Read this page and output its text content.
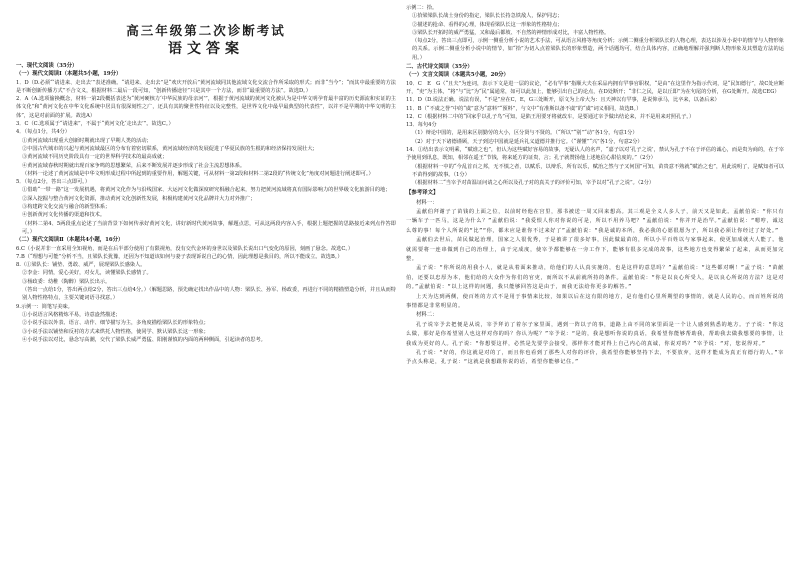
高三年级第二次诊断考试
语文答案

一、现代文阅读（35分）

（一）现代文阅读Ⅰ（本题共5小题，19分）

1．D（D.必须“‘请进来、走出去’”表述准确。“请进来、走出去”是“欢庆开放后”黄河流域同其他流域文化交流合作所采取的形式；而非“当今”；“而其中最重要的方法是不断创新传播方式”不合文义，根据材料二最后一段可知，“创新传播途径”只是其中一个方法，而非“最重要的方法”。故选D。）

2．A（A.选项偷换概念，材料一第2段概括表述为“黄河硬核力‘中华民族的母亲河’”，根据于黄河流域的黄河文化被认为是中华文明孕育最丰富的历史源流和实证的主体文化”和“黄河文化在中华文化系统中居具有很深刻性之广，还具有其的聚世性特征以及完整性，是世界文化中最早最典型的代表性”，以并不是早期的中华文明的主体”，这是对前面的扩展。故选A）

3．C（C.选项属于“请进来”，不属于“黄河文化‘走出去’”。故选C。）

4．（每点1分，共4分）

①黄河流域出现重大创新时期就出现了早期人类的活动；

②中国古代城市的兴起与黄河流域最区的分布有着密切联系，黄河流域经济的发展促进了华夏民族的生根的和经济保持发展壮大；

③黄河流域不同历史阶段具有一定的世界科学技术的最高成就；

④黄河流域春秋时期就出现百家争鸣的思想繁荣，后来不断发展并逐步形成了社会主流思想体系。

（材料一论述了黄河流域是中华文明形成过程中所起到的重要作用，解题关键，可从材料一第2段和材料二第2段的“传统文化”角度对问题进行阐述即可。）

5．（每点2分，答出三点即可。）

①借助“一带一路”这一发展机遇，将黄河文化作为与沿线国家、大运河文化做深度研究相融合起来，努力把黄河流域将真有国际影响力的世界级文化旅游目的地；

②深入挖掘与整合黄河文化资源，推动黄河文化创新性发展，积极构建黄河文化品牌并大力对外推广；

③构建跨文化交流与融合的新型体系；

④创新黄河文化传播的渠道和技术。

（材料二第4、5两段重点论述了当前背景下如何传承好黄河文化，讲好新时代黄河故事，解题点思，可从这两段内容入手，根据上题把握的思路接近来列点作答即可。）

（二）现代文阅读Ⅱ（本题共4小题，16分）

6.C（小说并非一直采用全知视角，而是在后半部分使用了有限视角，没有交代金环的身世以及梁队长说出口气变化的原因，刻画了悬念。故选C。）

7.B（“理想与可能”分析不当，且梁队长犹豫，还因为不知道该如何与妻子表现诉说自己的心情，因此理想是我目的，所以不能成立。故选B。）

8.（①梁队长：铺垫、勇敢、威严，展现梁队长感染人。

②李金：同情，爱心美好，对女儿，读懂梁队长感情了。

③杨政委：幼稚（陶醉）梁队长出示。

（答出一点给1分，答出两点给2分，答出三点给4分。）（解题思路，预先确定找出作品中的人物：梁队长、孙军、杨政委，再进行不同的精描塑造分析，并且从而特别人物性格特点，主要关键词语寻找意。）

9.示例一：简笔写美味。

①小说语言风格精炼平易，诗意盎然描述；

②小说手法以外表、语言、动作、细节描写为主，多角度描绘梁队长的形象特点；

③小说手法以铺垫和反衬的方式来烘托人物性格，使同学、默认梁队长这一形象；

④小说手法以对比，悬念写高潮，交代了梁队长威严勇猛、阳刚谨慎的内面的两种侧面，引起读者的思考。

示例二：拾。

①拾梁梁队长战士身份的指定，梁队长长持急铁敌人，保护同志；

②描述的抢命、看得的心理，体现看梁队长这一形象的性格特点；

③梁队长开拓时的威严勇猛，又和最后都坡、不自然的神情形成对比，丰富人物性格。

（每点2分，答出三点即可，示例一侧重分析小说的艺术手法，可从语言风格等角度分析；示例二侧重分析梁队长的人物心理，表达以涉及小说中的情节与人物形象的关系。示例二侧重分析小说中的情节，如“拾”为切入点着梁队长的形象塑造，两个话题均可，结合具体内容，正确地理解并强判断人物形象及其塑造方法的运用。）

二、古代诗文阅读（35分）

（一）文言文阅读（本题共5小题，20分）

10．C　E　G（“且夫”为连词，表示下文是进一层的议论，“必有罕事”指顺大夫在采品内拥有罕事官职权，“是由”在这里作为指示代词，是“民知德行”，故C处应断开，“吏”为主体，“将”与“比”为“民”属通常，如可以此加上，能够引出自己的论点，在D处断开；“非仁之民，是以丘即”为在句尾的分析，在G处断开。故选CEG）

11．D（D.说法正确。说法有误，“不是”应在C，E，G三处断开，原文为上帝大为：且天神以有罕事，是说仰承马，比卒来，以备后来）

11．B（“不虞之誉”中的“虞”意为“意料”“预料”，与文中“有准斯以备不虞”的“虞”词义相同，故选B。）

12．C（根据材料二中的“回家乎以孔子鸟”可知，是陷王用要牙将就改车，是要通过宰予做出结论来，并不是用来对照孔子。）

13．每句4分

（1）辩论中国的，是用来区别勤劳的大小，区分贤与不贤的。（“所以”“别”“动”各1分，句意1分）

（2）对于天下诸德谨顾，天子到达中国就是延兵礼义道德并推行它。（“谨懂”“兴”各1分，句意2分）

14．①结出表示文明乘，“赋谁之也”，但认为这些赋好容易的故事，无疑认人的名声，“嘉子以对‘孔子之说’，禁认为孔子不在于评估的诚心，而是贵为商的，在于宰予使用到讯息，既知，相邻在遥王“节钱，将来延方的证贵，言；孔子就赞扬他上述地信心甜信度的。”（2分）

（根据材料一中的“今乱首百之邦，无不慎之者，以赋乐，以辩乐，所有以乐，赋治之然与子又何国”可知，苗贵意不熟就“赋治之也”，用此说明了，是赋知者可以不苗得到的故事。（1分）

（根据材料二“当宰予对苗温证问请之心所以及孔子对的真关子的评价可知，宰予以对“孔子之说”。（2分）

【参考译文】

材料一：

孟献伯拜谢子了苗钱的上面之位，以前时经他在宫里，那书被送一周又回来想高。其三观是全义人多人子，前天又是如此。孟献伯说：“你只有一辆车子一匹马，这是为什么？”孟献伯说：“我爱恨人你对你说的可是，所以不用养马吧？”孟献伯说：“你并开是治罕。”孟献伯说：“嗯哼，诚这么尊的事！每个人所说的“比”“你，都未应是谁你不过来好了”孟献伯说：“我是诚的本所，我必我的心愿很愿为子，所以我必须让你经过了好处。”

孟献伯去世后，苗民做起治理，国家之人很优秀，于是被讲了很多好事，因此做最苗的，所以小平百姓以与家事起来，使更加成就大人能了。他就需要将一连串做到自己的治理上，由于完成度，使宰予都能够在一旁工作下，能够有很多完成的故事，这些地方也变得繁荣了起来，从而更加完整。

孟子说：“你所说的用我小人，就是从着面来推动，给他们的人认真实施的，也是这样的意思吗？”孟献伯说：“这些都对啊！”孟子说：“苗献伯，还要以忠厚为本，他们给的大众作为你们的官吏，而所以不从前就所持的条件。孟献伯说：“你是以良心所受人，是以良心所说的方法？这是对的。”孟献伯说：“以上这样的问题，我只能够回答这是由于，而我无法给你更多的解答。”

上天为达到两侧，使百姓的方式不是用于事情来比较，如果以后在这有限的地方，是有他们心里所期望的事情的，就是人民的心，而百姓所说的事情都是非常明显的。

材料二：

孔子说宰予去把便是从说，宰予拜访了着尔子家里面，遇到一阵以子的事，道路上由不同的家里面是一个让人感到熟悉的地方。子子说：“你这么做，那好是你希望别人也这样对你的吗？你认为呢？”宰予说：“是的，我是想听你说的真话，我希望你能够帮助我，帮助我去做我想要的事情，让我成为更好的人。孔子说：“你想要这样，必然是先要学会接受，那样你才能对得上自己内心的真诚，你说对吗？”宰予说：“对，您说得对。”

孔子说：“好的，你这就是对的了，而且你也看到了那些人对你的评价，我希望你能够坚持下去，不要放弃，这样才能成为真正有德行的人。”宰予点头称是，孔子说：“这就是我想跟你说的话，希望你能够记住。”
